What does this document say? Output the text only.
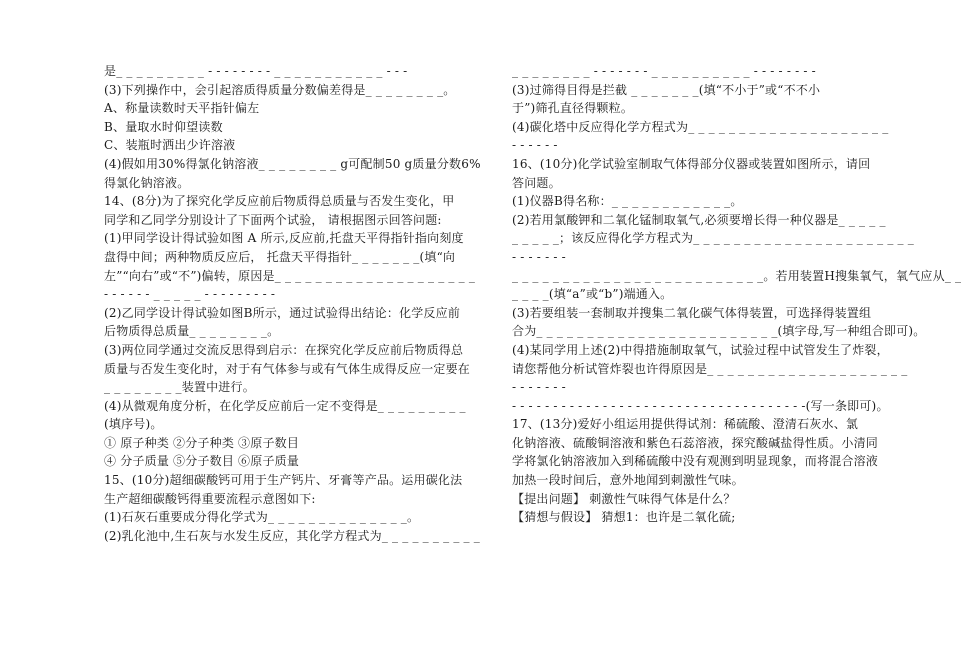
是_ _ _ _ _ _ _ _ _ - - - - - - - - _ _ _ _ _ _ _ _ _ _ _ - - -
(3)下列操作中，会引起溶质得质量分数偏差得是_ _ _ _ _ _ _ _。
A、称量读数时天平指针偏左
B、量取水时仰望读数
C、装瓶时洒出少许溶液
(4)假如用30%得氯化钠溶液_ _ _ _ _ _ _ _ g可配制50 g质量分数6%
得氯化钠溶液。
14、(8分)为了探究化学反应前后物质得总质量与否发生变化，甲
同学和乙同学分别设计了下面两个试验， 请根据图示回答问题:
(1)甲同学设计得试验如图 A 所示,反应前,托盘天平得指针指向刻度
盘得中间；两种物质反应后， 托盘天平得指针_ _ _ _ _ _ _(填“向
左”“向右”或“不”)偏转，原因是_ _ _ _ _ _ _ _ _ _ _ _ _ _ _ _ _ _ _ _
- - - - - - _ _ _ _ _ - - - - - - - - -
(2)乙同学设计得试验如图B所示，通过试验得出结论：化学反应前
后物质得总质量_ _ _ _ _ _ _ _。
(3)两位同学通过交流反思得到启示：在探究化学反应前后物质得总
质量与否发生变化时，对于有气体参与或有气体生成得反应一定要在
_ _ _ _ _ _ _ _装置中进行。
(4)从微观角度分析，在化学反应前后一定不变得是_ _ _ _ _ _ _ _ _
(填序号)。
① 原子种类 ②分子种类 ③原子数目
④ 分子质量 ⑤分子数目 ⑥原子质量
15、(10分)超细碳酸钙可用于生产钙片、牙膏等产品。运用碳化法
生产超细碳酸钙得重要流程示意图如下:
(1)石灰石重要成分得化学式为_ _ _ _ _ _ _ _ _ _ _ _ _ _。
(2)乳化池中,生石灰与水发生反应，其化学方程式为_ _ _ _ _ _ _ _ _ _
_ _ _ _ _ _ _ _ - - - - - - - _ _ _ _ _ _ _ _ _ _ - - - - - - - -
(3)过筛得目得是拦截 _ _ _ _ _ _ _(填“不小于”或“不不小
于”)筛孔直径得颗粒。
(4)碳化塔中反应得化学方程式为_ _ _ _ _ _ _ _ _ _ _ _ _ _ _ _ _ _ _ _
- - - - - -
16、(10分)化学试验室制取气体得部分仪器或装置如图所示，请回
答问题。
(1)仪器B得名称：_ _ _ _ _ _ _ _ _ _ _ _。
(2)若用氯酸钾和二氧化锰制取氧气,必须要增长得一种仪器是_ _ _ _ _
_ _ _ _ _；该反应得化学方程式为_ _ _ _ _ _ _ _ _ _ _ _ _ _ _ _ _ _ _ _ _ _
- - - - - - -
_ _ _ _ _ _ _ _ _ _ _ _ _ _ _ _ _ _ _ _ _ _ _ _ _。若用装置H搜集氧气，氧气应从_ _
_ _ _ _(填“a”或“b”)端通入。
(3)若要组装一套制取并搜集二氧化碳气体得装置，可选择得装置组
合为_ _ _ _ _ _ _ _ _ _ _ _ _ _ _ _ _ _ _ _ _ _ _ _(填字母,写一种组合即可)。
(4)某同学用上述(2)中得措施制取氧气，试验过程中试管发生了炸裂，
请您帮他分析试管炸裂也许得原因是_ _ _ _ _ _ _ _ _ _ _ _ _ _ _ _ _ _ _ _
- - - - - - -
- - - - - - - - - - - - - - - - - - - - - - - - - - - - - - - - - - - -(写一条即可)。
17、(13分)爱好小组运用提供得试剂：稀硫酸、澄清石灰水、氯
化钠溶液、硫酸铜溶液和紫色石蕊溶液，探究酸碱盐得性质。小清同
学将氯化钠溶液加入到稀硫酸中没有观测到明显现象，而将混合溶液
加热一段时间后，意外地闻到刺激性气味。
【提出问题】 刺激性气味得气体是什么？
【猜想与假设】 猜想1：也许是二氧化硫;
